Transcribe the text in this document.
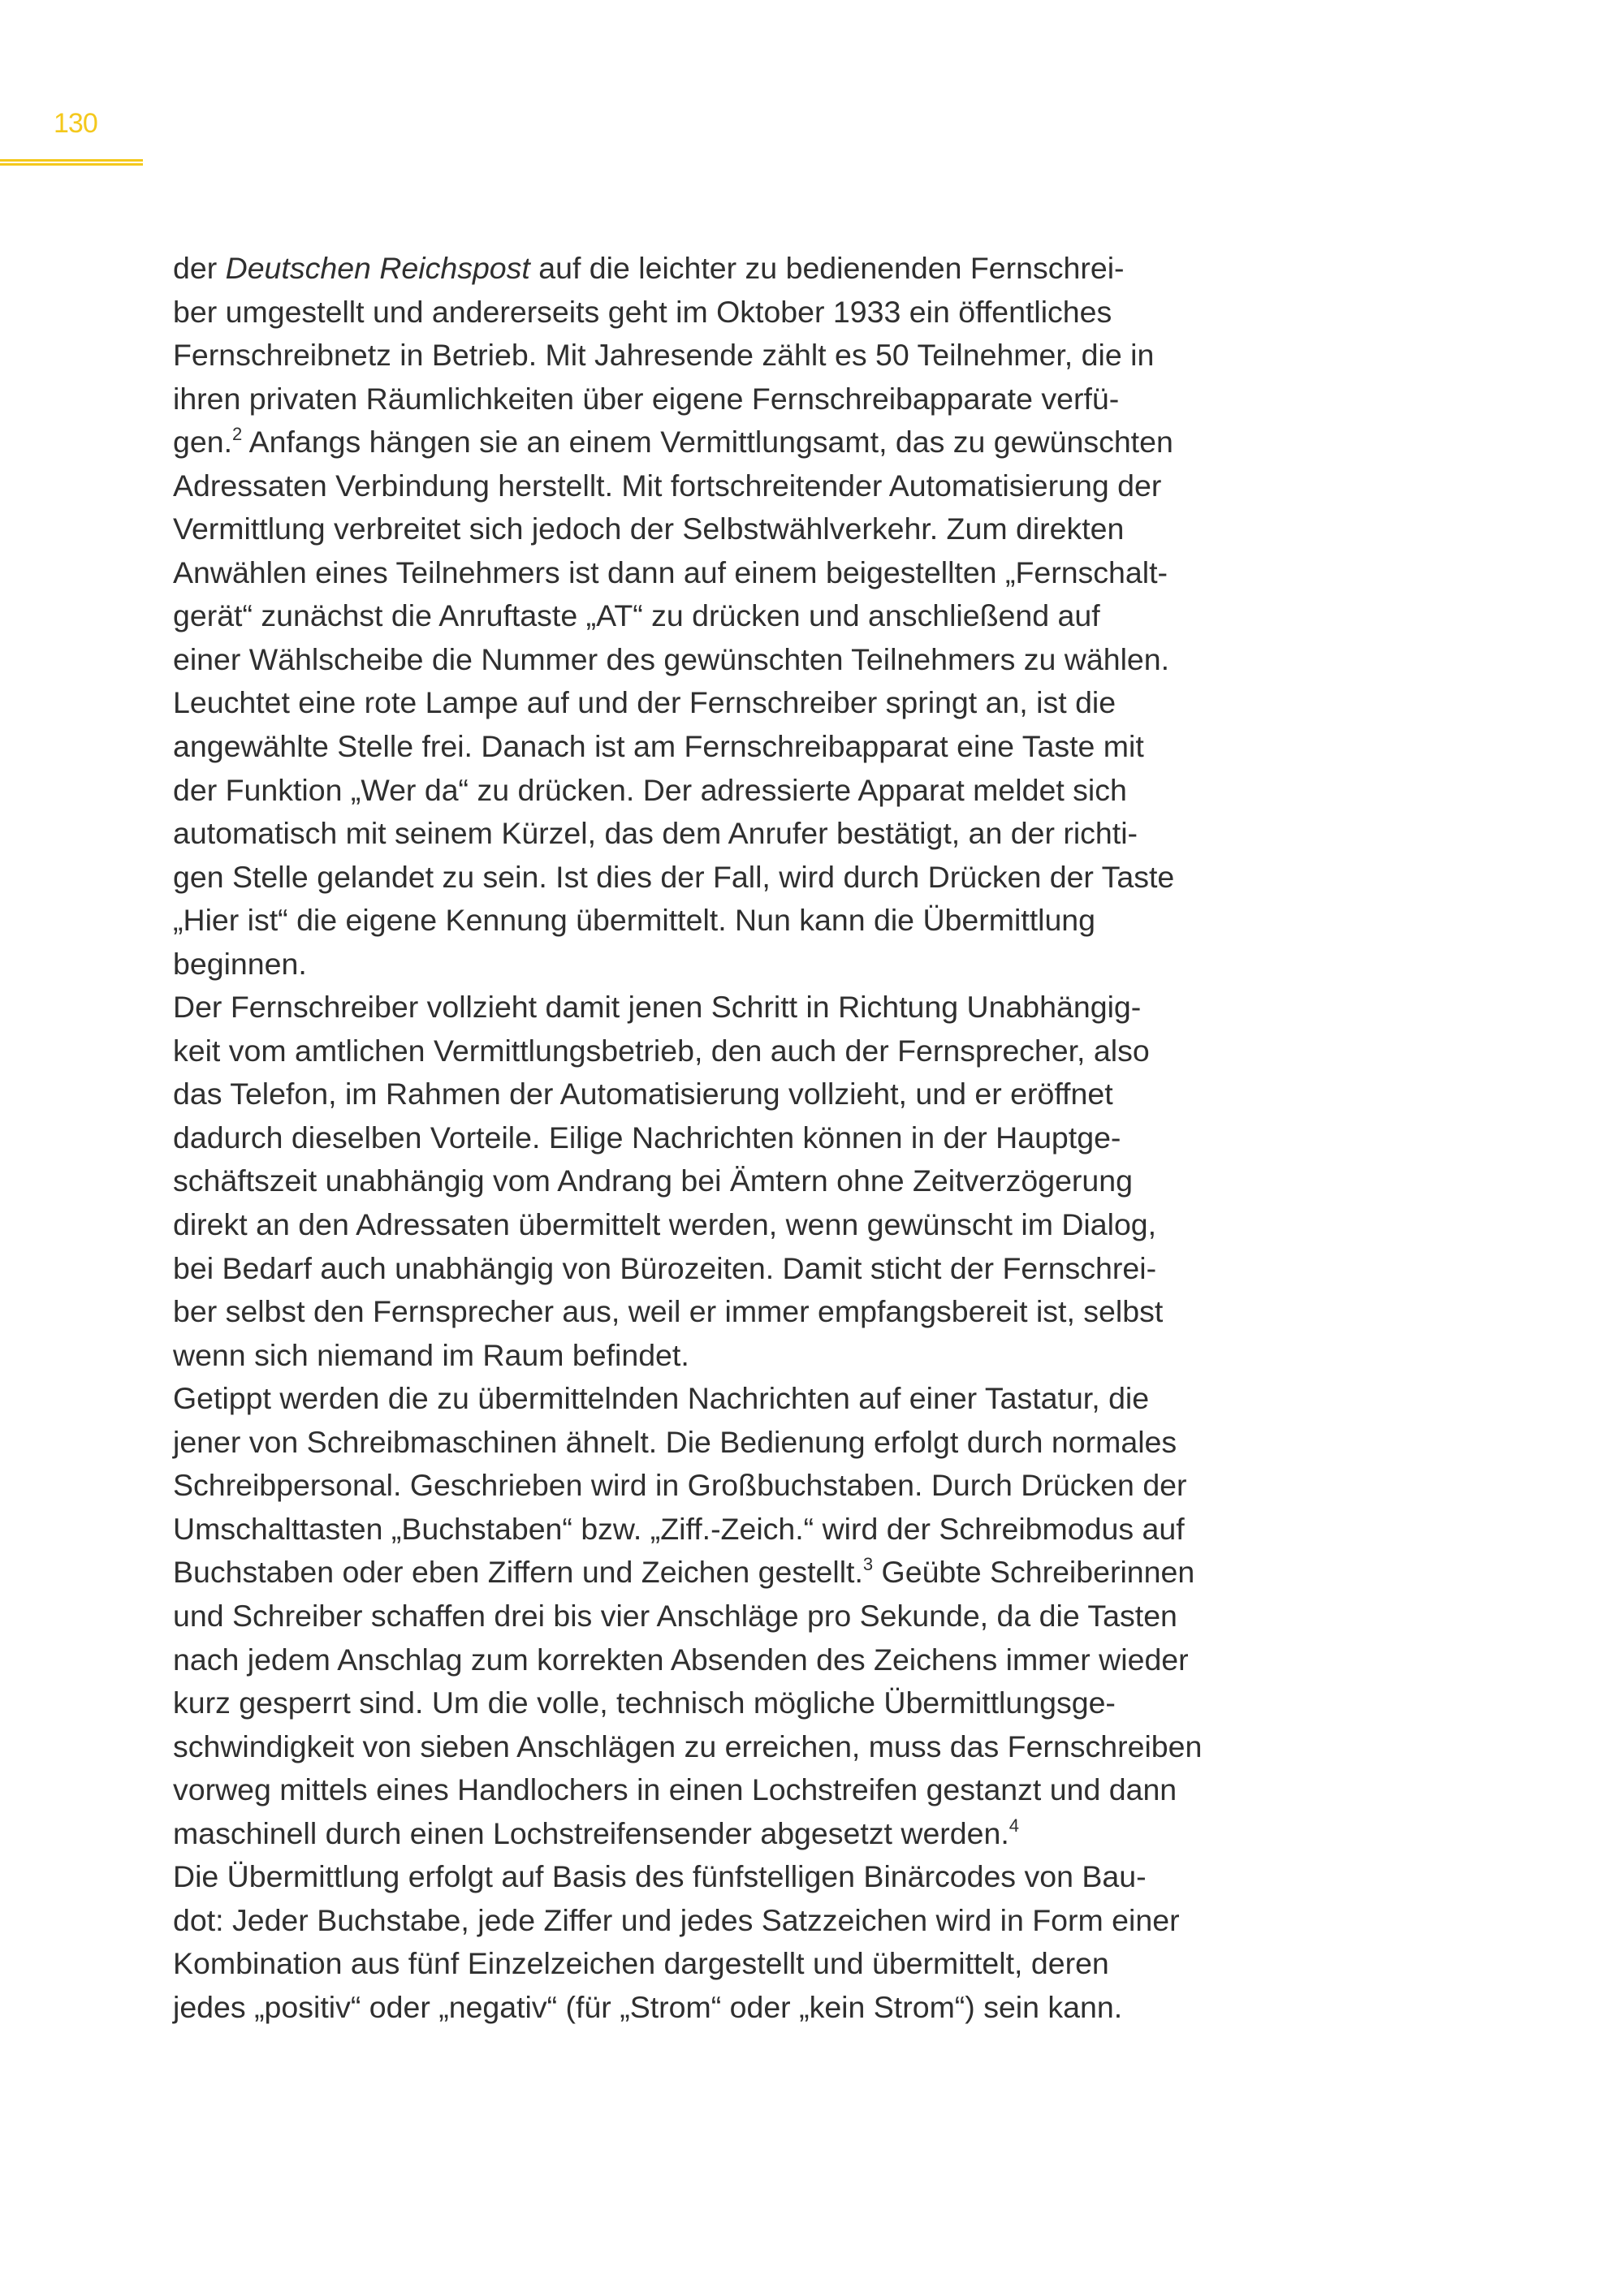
130
der Deutschen Reichspost auf die leichter zu bedienenden Fernschrei-
ber umgestellt und andererseits geht im Oktober 1933 ein öffentliches
Fernschreibnetz in Betrieb. Mit Jahresende zählt es 50 Teilnehmer, die in
ihren privaten Räumlichkeiten über eigene Fernschreibapparate verfü-
gen.$^2$ Anfangs hängen sie an einem Vermittlungsamt, das zu gewünschten
Adressaten Verbindung herstellt. Mit fortschreitender Automatisierung der
Vermittlung verbreitet sich jedoch der Selbstwählverkehr. Zum direkten
Anwählen eines Teilnehmers ist dann auf einem beigestellten „Fernschalt-
gerät“ zunächst die Anruftaste „AT“ zu drücken und anschließend auf
einer Wählscheibe die Nummer des gewünschten Teilnehmers zu wählen.
Leuchtet eine rote Lampe auf und der Fernschreiber springt an, ist die
angewählte Stelle frei. Danach ist am Fernschreibapparat eine Taste mit
der Funktion „Wer da“ zu drücken. Der adressierte Apparat meldet sich
automatisch mit seinem Kürzel, das dem Anrufer bestätigt, an der richti-
gen Stelle gelandet zu sein. Ist dies der Fall, wird durch Drücken der Taste
„Hier ist“ die eigene Kennung übermittelt. Nun kann die Übermittlung
beginnen.
Der Fernschreiber vollzieht damit jenen Schritt in Richtung Unabhängig-
keit vom amtlichen Vermittlungsbetrieb, den auch der Fernsprecher, also
das Telefon, im Rahmen der Automatisierung vollzieht, und er eröffnet
dadurch dieselben Vorteile. Eilige Nachrichten können in der Hauptge-
schäftszeit unabhängig vom Andrang bei Ämtern ohne Zeitverzögerung
direkt an den Adressaten übermittelt werden, wenn gewünscht im Dialog,
bei Bedarf auch unabhängig von Bürozeiten. Damit sticht der Fernschrei-
ber selbst den Fernsprecher aus, weil er immer empfangsbereit ist, selbst
wenn sich niemand im Raum befindet.
Getippt werden die zu übermittelnden Nachrichten auf einer Tastatur, die
jener von Schreibmaschinen ähnelt. Die Bedienung erfolgt durch normales
Schreibpersonal. Geschrieben wird in Großbuchstaben. Durch Drücken der
Umschalttasten „Buchstaben“ bzw. „Ziff.-Zeich.“ wird der Schreibmodus auf
Buchstaben oder eben Ziffern und Zeichen gestellt.$^3$ Geübte Schreiberinnen
und Schreiber schaffen drei bis vier Anschläge pro Sekunde, da die Tasten
nach jedem Anschlag zum korrekten Absenden des Zeichens immer wieder
kurz gesperrt sind. Um die volle, technisch mögliche Übermittlungsge-
schwindigkeit von sieben Anschlägen zu erreichen, muss das Fernschreiben
vorweg mittels eines Handlochers in einen Lochstreifen gestanzt und dann
maschinell durch einen Lochstreifensender abgesetzt werden.$^4$
Die Übermittlung erfolgt auf Basis des fünfstelligen Binärcodes von Bau-
dot: Jeder Buchstabe, jede Ziffer und jedes Satzzeichen wird in Form einer
Kombination aus fünf Einzelzeichen dargestellt und übermittelt, deren
jedes „positiv“ oder „negativ“ (für „Strom“ oder „kein Strom“) sein kann.
